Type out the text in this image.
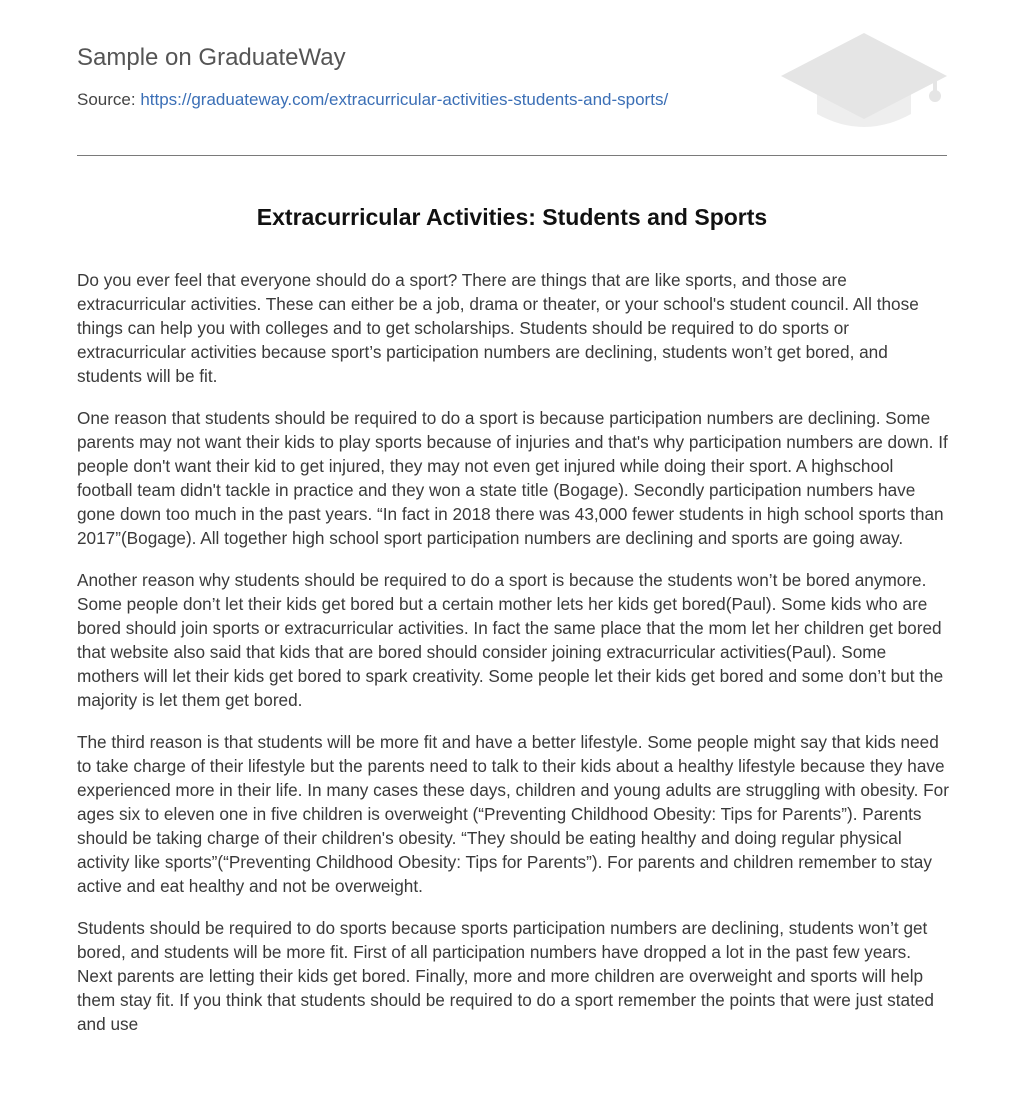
Sample on GraduateWay
Source: https://graduateway.com/extracurricular-activities-students-and-sports/
Extracurricular Activities: Students and Sports

Do you ever feel that everyone should do a sport? There are things that are like sports, and those are extracurricular activities. These can either be a job, drama or theater, or your school's student council. All those things can help you with colleges and to get scholarships. Students should be required to do sports or extracurricular activities because sport’s participation numbers are declining, students won’t get bored, and students will be fit.

One reason that students should be required to do a sport is because participation numbers are declining. Some parents may not want their kids to play sports because of injuries and that's why participation numbers are down. If people don't want their kid to get injured, they may not even get injured while doing their sport. A highschool football team didn't tackle in practice and they won a state title (Bogage). Secondly participation numbers have gone down too much in the past years. “In fact in 2018 there was 43,000 fewer students in high school sports than 2017”(Bogage). All together high school sport participation numbers are declining and sports are going away.

Another reason why students should be required to do a sport is because the students won’t be bored anymore. Some people don’t let their kids get bored but a certain mother lets her kids get bored(Paul). Some kids who are bored should join sports or extracurricular activities. In fact the same place that the mom let her children get bored that website also said that kids that are bored should consider joining extracurricular activities(Paul). Some mothers will let their kids get bored to spark creativity. Some people let their kids get bored and some don’t but the majority is let them get bored.

The third reason is that students will be more fit and have a better lifestyle. Some people might say that kids need to take charge of their lifestyle but the parents need to talk to their kids about a healthy lifestyle because they have experienced more in their life. In many cases these days, children and young adults are struggling with obesity. For ages six to eleven one in five children is overweight (“Preventing Childhood Obesity: Tips for Parents”). Parents should be taking charge of their children's obesity. “They should be eating healthy and doing regular physical activity like sports”(“Preventing Childhood Obesity: Tips for Parents”). For parents and children remember to stay active and eat healthy and not be overweight.

Students should be required to do sports because sports participation numbers are declining, students won’t get bored, and students will be more fit. First of all participation numbers have dropped a lot in the past few years. Next parents are letting their kids get bored. Finally, more and more children are overweight and sports will help them stay fit. If you think that students should be required to do a sport remember the points that were just stated and use
